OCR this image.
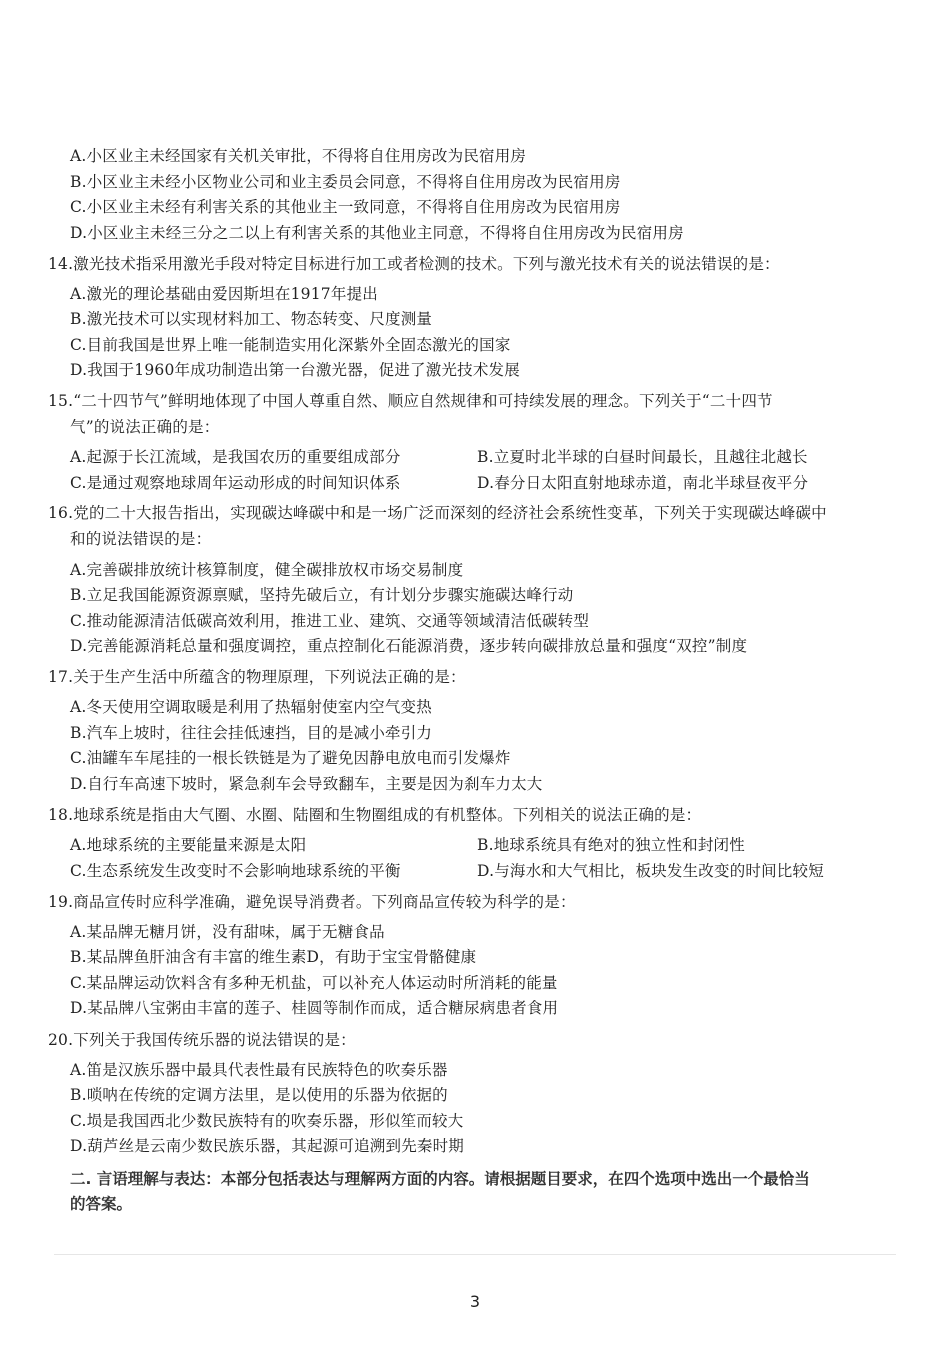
A.小区业主未经国家有关机关审批，不得将自住用房改为民宿用房
B.小区业主未经小区物业公司和业主委员会同意，不得将自住用房改为民宿用房
C.小区业主未经有利害关系的其他业主一致同意，不得将自住用房改为民宿用房
D.小区业主未经三分之二以上有利害关系的其他业主同意，不得将自住用房改为民宿用房
14.激光技术指采用激光手段对特定目标进行加工或者检测的技术。下列与激光技术有关的说法错误的是：
A.激光的理论基础由爱因斯坦在1917年提出
B.激光技术可以实现材料加工、物态转变、尺度测量
C.目前我国是世界上唯一能制造实用化深紫外全固态激光的国家
D.我国于1960年成功制造出第一台激光器，促进了激光技术发展
15.“二十四节气”鲜明地体现了中国人尊重自然、顺应自然规律和可持续发展的理念。下列关于“二十四节
气”的说法正确的是：
A.起源于长江流域，是我国农历的重要组成部分	B.立夏时北半球的白昼时间最长，且越往北越长
C.是通过观察地球周年运动形成的时间知识体系	D.春分日太阳直射地球赤道，南北半球昼夜平分
16.党的二十大报告指出，实现碳达峰碳中和是一场广泛而深刻的经济社会系统性变革，下列关于实现碳达峰碳中
和的说法错误的是：
A.完善碳排放统计核算制度，健全碳排放权市场交易制度
B.立足我国能源资源禀赋，坚持先破后立，有计划分步骤实施碳达峰行动
C.推动能源清洁低碳高效利用，推进工业、建筑、交通等领域清洁低碳转型
D.完善能源消耗总量和强度调控，重点控制化石能源消费，逐步转向碳排放总量和强度“双控”制度
17.关于生产生活中所蕴含的物理原理，下列说法正确的是：
A.冬天使用空调取暖是利用了热辐射使室内空气变热
B.汽车上坡时，往往会挂低速挡，目的是减小牵引力
C.油罐车车尾挂的一根长铁链是为了避免因静电放电而引发爆炸
D.自行车高速下坡时，紧急刹车会导致翻车，主要是因为刹车力太大
18.地球系统是指由大气圈、水圈、陆圈和生物圈组成的有机整体。下列相关的说法正确的是：
A.地球系统的主要能量来源是太阳	B.地球系统具有绝对的独立性和封闭性
C.生态系统发生改变时不会影响地球系统的平衡	D.与海水和大气相比，板块发生改变的时间比较短
19.商品宣传时应科学准确，避免误导消费者。下列商品宣传较为科学的是：
A.某品牌无糖月饼，没有甜味，属于无糖食品
B.某品牌鱼肝油含有丰富的维生素D，有助于宝宝骨骼健康
C.某品牌运动饮料含有多种无机盐，可以补充人体运动时所消耗的能量
D.某品牌八宝粥由丰富的莲子、桂圆等制作而成，适合糖尿病患者食用
20.下列关于我国传统乐器的说法错误的是：
A.笛是汉族乐器中最具代表性最有民族特色的吹奏乐器
B.唢呐在传统的定调方法里，是以使用的乐器为依据的
C.埙是我国西北少数民族特有的吹奏乐器，形似笙而较大
D.葫芦丝是云南少数民族乐器，其起源可追溯到先秦时期
二. 言语理解与表达：本部分包括表达与理解两方面的内容。请根据题目要求，在四个选项中选出一个最恰当
的答案。
3
